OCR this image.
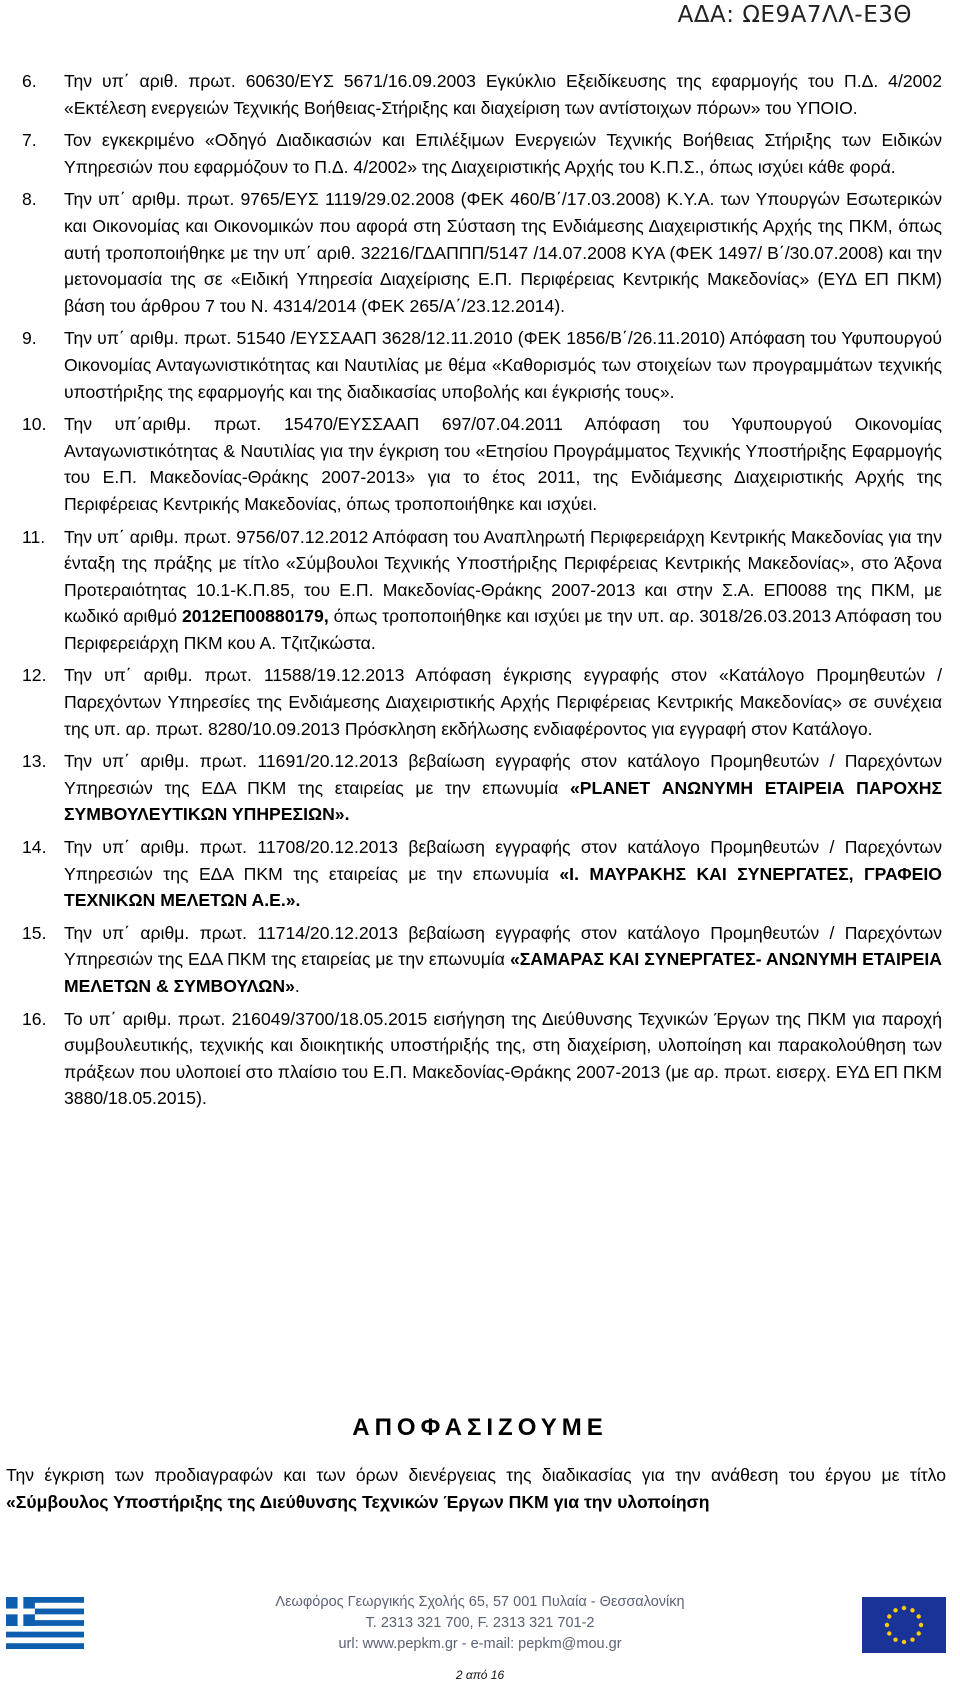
ΑΔΑ: ΩΕ9Α7ΛΛ-Ε3Θ
6. Την υπ΄ αριθ. πρωτ. 60630/ΕΥΣ 5671/16.09.2003 Εγκύκλιο Εξειδίκευσης της εφαρμογής του Π.Δ. 4/2002 «Εκτέλεση ενεργειών Τεχνικής Βοήθειας-Στήριξης και διαχείριση των αντίστοιχων πόρων» του ΥΠΟΙΟ.
7. Τον εγκεκριμένο «Οδηγό Διαδικασιών και Επιλέξιμων Ενεργειών Τεχνικής Βοήθειας Στήριξης των Ειδικών Υπηρεσιών που εφαρμόζουν το Π.Δ. 4/2002» της Διαχειριστικής Αρχής του Κ.Π.Σ., όπως ισχύει κάθε φορά.
8. Την υπ΄ αριθμ. πρωτ. 9765/ΕΥΣ 1119/29.02.2008 (ΦΕΚ 460/Β΄/17.03.2008) Κ.Υ.Α. των Υπουργών Εσωτερικών και Οικονομίας και Οικονομικών που αφορά στη Σύσταση της Ενδιάμεσης Διαχειριστικής Αρχής της ΠΚΜ, όπως αυτή τροποποιήθηκε με την υπ΄ αριθ. 32216/ΓΔΑΠΠΠ/5147 /14.07.2008 ΚΥΑ (ΦΕΚ 1497/ Β΄/30.07.2008) και την μετονομασία της σε «Ειδική Υπηρεσία Διαχείρισης Ε.Π. Περιφέρειας Κεντρικής Μακεδονίας» (ΕΥΔ ΕΠ ΠΚΜ) βάση του άρθρου 7 του Ν. 4314/2014 (ΦΕΚ 265/Α΄/23.12.2014).
9. Την υπ΄ αριθμ. πρωτ. 51540 /ΕΥΣΣΑΑΠ 3628/12.11.2010 (ΦΕΚ 1856/Β΄/26.11.2010) Απόφαση του Υφυπουργού Οικονομίας Ανταγωνιστικότητας και Ναυτιλίας με θέμα «Καθορισμός των στοιχείων των προγραμμάτων τεχνικής υποστήριξης της εφαρμογής και της διαδικασίας υποβολής και έγκρισής τους».
10. Την υπ΄αριθμ. πρωτ. 15470/ΕΥΣΣΑΑΠ 697/07.04.2011 Απόφαση του Υφυπουργού Οικονομίας Ανταγωνιστικότητας & Ναυτιλίας για την έγκριση του «Ετησίου Προγράμματος Τεχνικής Υποστήριξης Εφαρμογής του Ε.Π. Μακεδονίας-Θράκης 2007-2013» για το έτος 2011, της Ενδιάμεσης Διαχειριστικής Αρχής της Περιφέρειας Κεντρικής Μακεδονίας, όπως τροποποιήθηκε και ισχύει.
11. Την υπ΄ αριθμ. πρωτ. 9756/07.12.2012 Απόφαση του Αναπληρωτή Περιφερειάρχη Κεντρικής Μακεδονίας για την ένταξη της πράξης με τίτλο «Σύμβουλοι Τεχνικής Υποστήριξης Περιφέρειας Κεντρικής Μακεδονίας», στο Άξονα Προτεραιότητας 10.1-Κ.Π.85, του Ε.Π. Μακεδονίας-Θράκης 2007-2013 και στην Σ.Α. ΕΠ0088 της ΠΚΜ, με κωδικό αριθμό 2012ΕΠ00880179, όπως τροποποιήθηκε και ισχύει με την υπ. αρ. 3018/26.03.2013 Απόφαση του Περιφερειάρχη ΠΚΜ κου Α. Τζιτζικώστα.
12. Την υπ΄ αριθμ. πρωτ. 11588/19.12.2013 Απόφαση έγκρισης εγγραφής στον «Κατάλογο Προμηθευτών / Παρεχόντων Υπηρεσίες της Ενδιάμεσης Διαχειριστικής Αρχής Περιφέρειας Κεντρικής Μακεδονίας» σε συνέχεια της υπ. αρ. πρωτ. 8280/10.09.2013 Πρόσκληση εκδήλωσης ενδιαφέροντος για εγγραφή στον Κατάλογο.
13. Την υπ΄ αριθμ. πρωτ. 11691/20.12.2013 βεβαίωση εγγραφής στον κατάλογο Προμηθευτών / Παρεχόντων Υπηρεσιών της ΕΔΑ ΠΚΜ της εταιρείας με την επωνυμία «PLANET ΑΝΩΝΥΜΗ ΕΤΑΙΡΕΙΑ ΠΑΡΟΧΗΣ ΣΥΜΒΟΥΛΕΥΤΙΚΩΝ ΥΠΗΡΕΣΙΩΝ».
14. Την υπ΄ αριθμ. πρωτ. 11708/20.12.2013 βεβαίωση εγγραφής στον κατάλογο Προμηθευτών / Παρεχόντων Υπηρεσιών της ΕΔΑ ΠΚΜ της εταιρείας με την επωνυμία «Ι. ΜΑΥΡΑΚΗΣ ΚΑΙ ΣΥΝΕΡΓΑΤΕΣ, ΓΡΑΦΕΙΟ ΤΕΧΝΙΚΩΝ ΜΕΛΕΤΩΝ Α.Ε.».
15. Την υπ΄ αριθμ. πρωτ. 11714/20.12.2013 βεβαίωση εγγραφής στον κατάλογο Προμηθευτών / Παρεχόντων Υπηρεσιών της ΕΔΑ ΠΚΜ της εταιρείας με την επωνυμία «ΣΑΜΑΡΑΣ ΚΑΙ ΣΥΝΕΡΓΑΤΕΣ- ΑΝΩΝΥΜΗ ΕΤΑΙΡΕΙΑ ΜΕΛΕΤΩΝ & ΣΥΜΒΟΥΛΩΝ».
16. Το υπ΄ αριθμ. πρωτ. 216049/3700/18.05.2015 εισήγηση της Διεύθυνσης Τεχνικών Έργων της ΠΚΜ για παροχή συμβουλευτικής, τεχνικής και διοικητικής υποστήριξής της, στη διαχείριση, υλοποίηση και παρακολούθηση των πράξεων που υλοποιεί στο πλαίσιο του Ε.Π. Μακεδονίας-Θράκης 2007-2013 (με αρ. πρωτ. εισερχ. ΕΥΔ ΕΠ ΠΚΜ 3880/18.05.2015).
ΑΠΟΦΑΣΙΖΟΥΜΕ
Την έγκριση των προδιαγραφών και των όρων διενέργειας της διαδικασίας για την ανάθεση του έργου με τίτλο «Σύμβουλος Υποστήριξης της Διεύθυνσης Τεχνικών Έργων ΠΚΜ για την υλοποίηση
Λεωφόρος Γεωργικής Σχολής 65, 57 001 Πυλαία - Θεσσαλονίκη
Τ. 2313 321 700, F. 2313 321 701-2
url: www.pepkm.gr - e-mail: pepkm@mou.gr
2 από 16
